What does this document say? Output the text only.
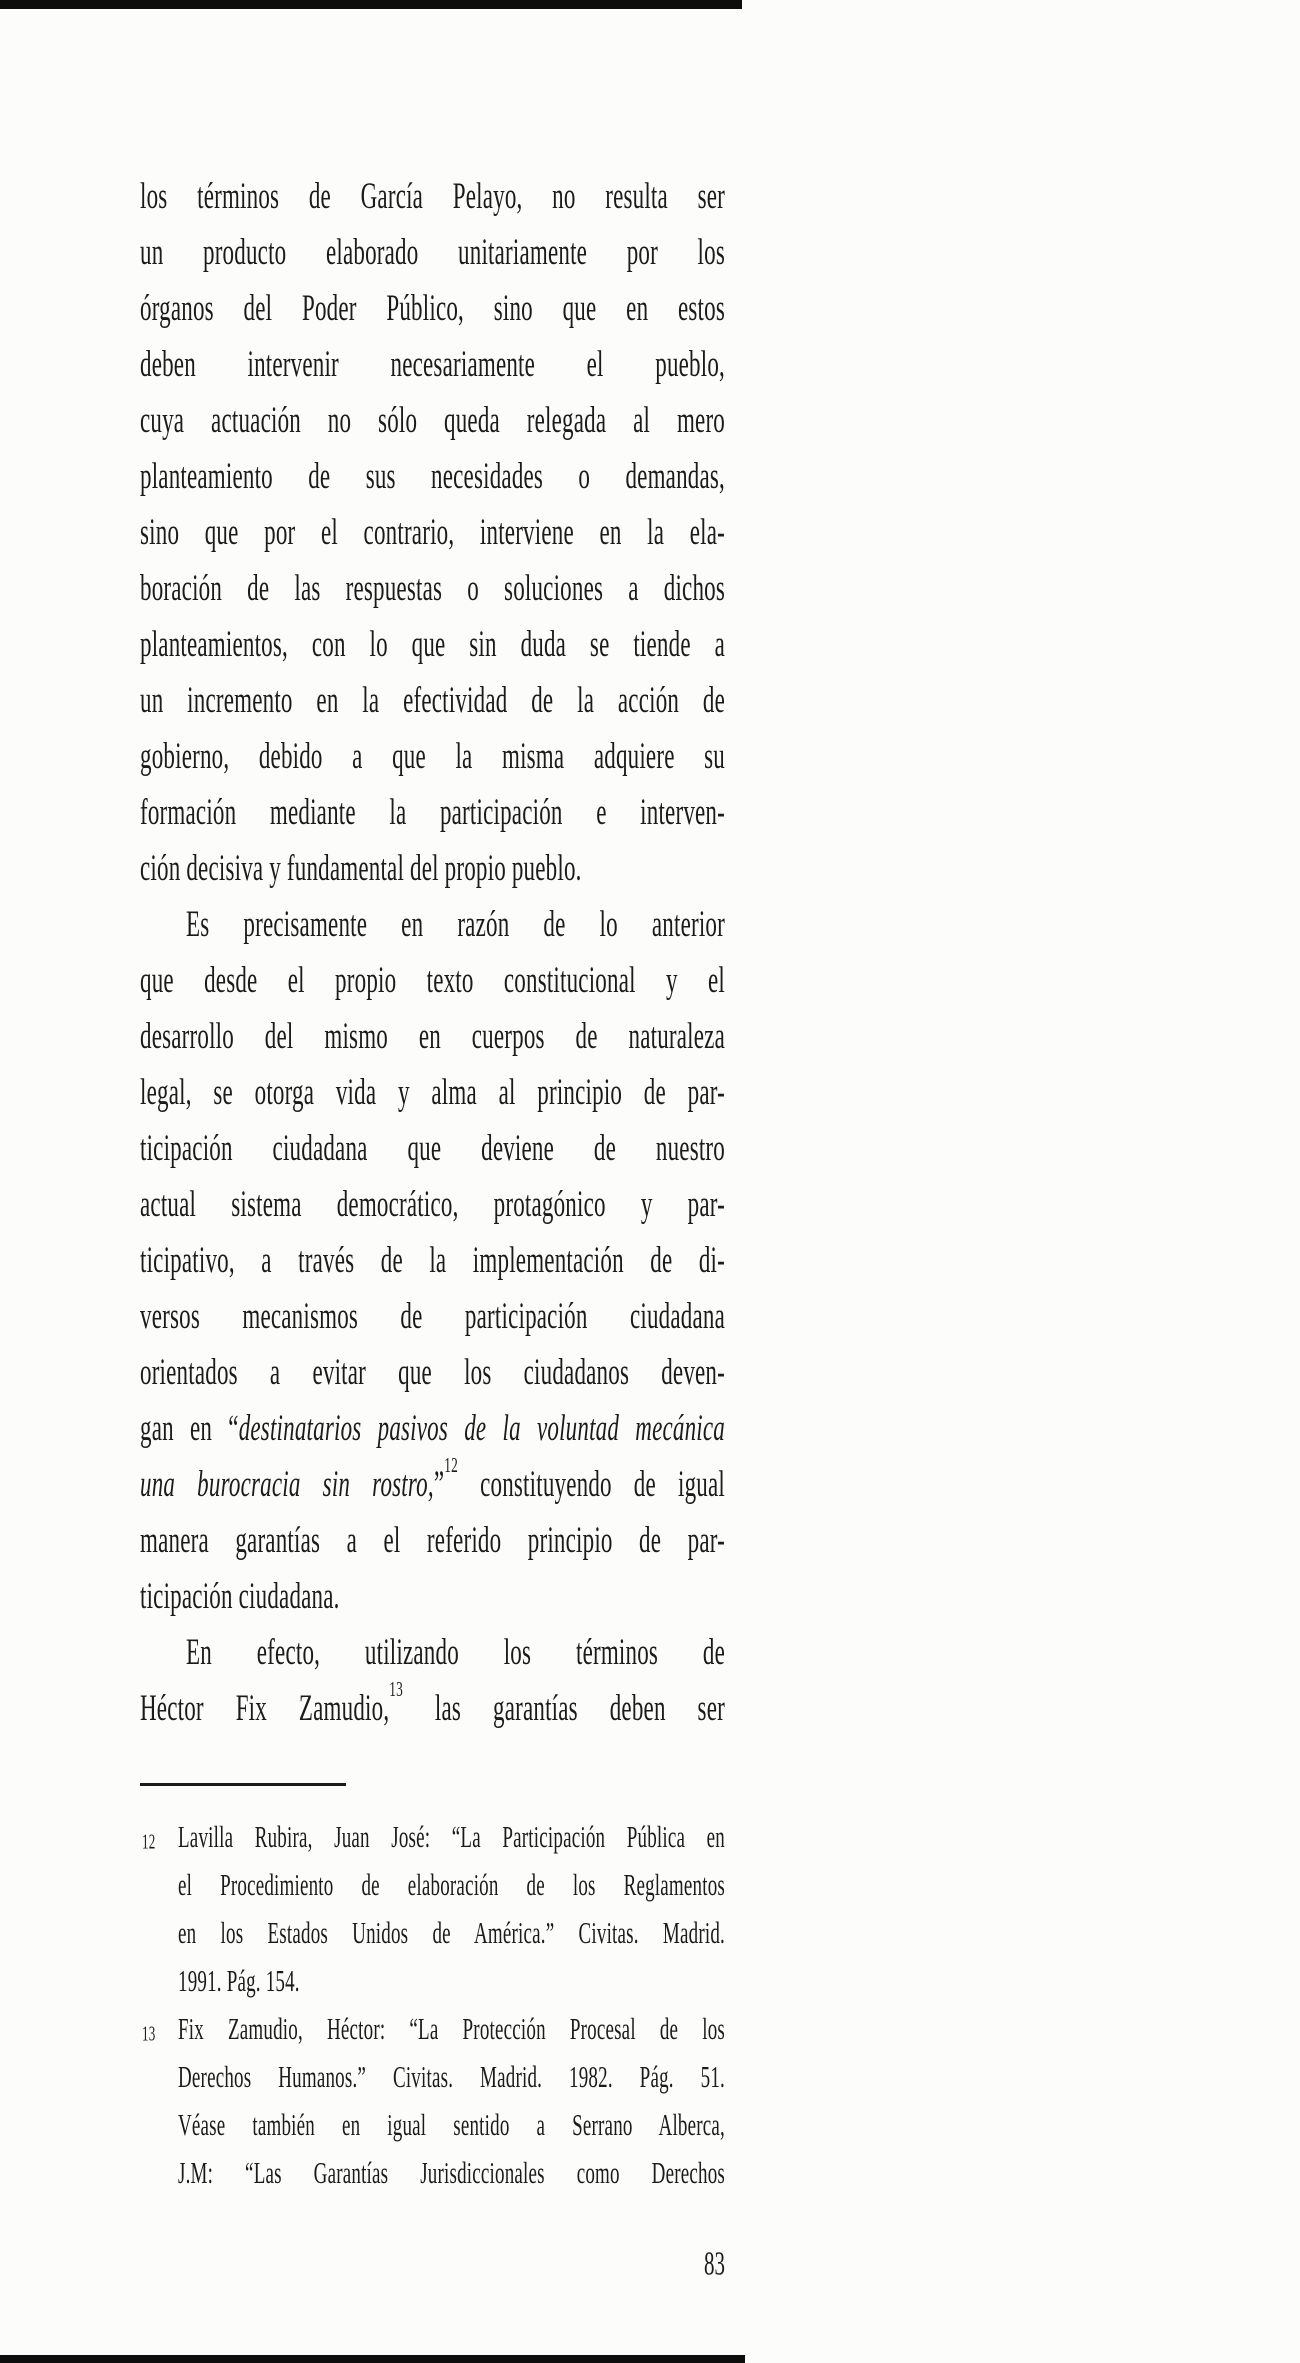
los términos de García Pelayo, no resulta ser
un producto elaborado unitariamente por los
órganos del Poder Público, sino que en estos
deben intervenir necesariamente el pueblo,
cuya actuación no sólo queda relegada al mero
planteamiento de sus necesidades o demandas,
sino que por el contrario, interviene en la ela-
boración de las respuestas o soluciones a dichos
planteamientos, con lo que sin duda se tiende a
un incremento en la efectividad de la acción de
gobierno, debido a que la misma adquiere su
formación mediante la participación e interven-
ción decisiva y fundamental del propio pueblo.
Es precisamente en razón de lo anterior
que desde el propio texto constitucional y el
desarrollo del mismo en cuerpos de naturaleza
legal, se otorga vida y alma al principio de par-
ticipación ciudadana que deviene de nuestro
actual sistema democrático, protagónico y par-
ticipativo, a través de la implementación de di-
versos mecanismos de participación ciudadana
orientados a evitar que los ciudadanos deven-
gan en “destinatarios pasivos de la voluntad mecánica
una burocracia sin rostro,”$^{12}$ constituyendo de igual
manera garantías a el referido principio de par-
ticipación ciudadana.
En efecto, utilizando los términos de
Héctor Fix Zamudio,$^{13}$ las garantías deben ser
12 Lavilla Rubira, Juan José: “La Participación Pública en
el Procedimiento de elaboración de los Reglamentos
en los Estados Unidos de América.” Civitas. Madrid.
1991. Pág. 154.
13 Fix Zamudio, Héctor: “La Protección Procesal de los
Derechos Humanos.” Civitas. Madrid. 1982. Pág. 51.
Véase también en igual sentido a Serrano Alberca,
J.M: “Las Garantías Jurisdiccionales como Derechos
83
